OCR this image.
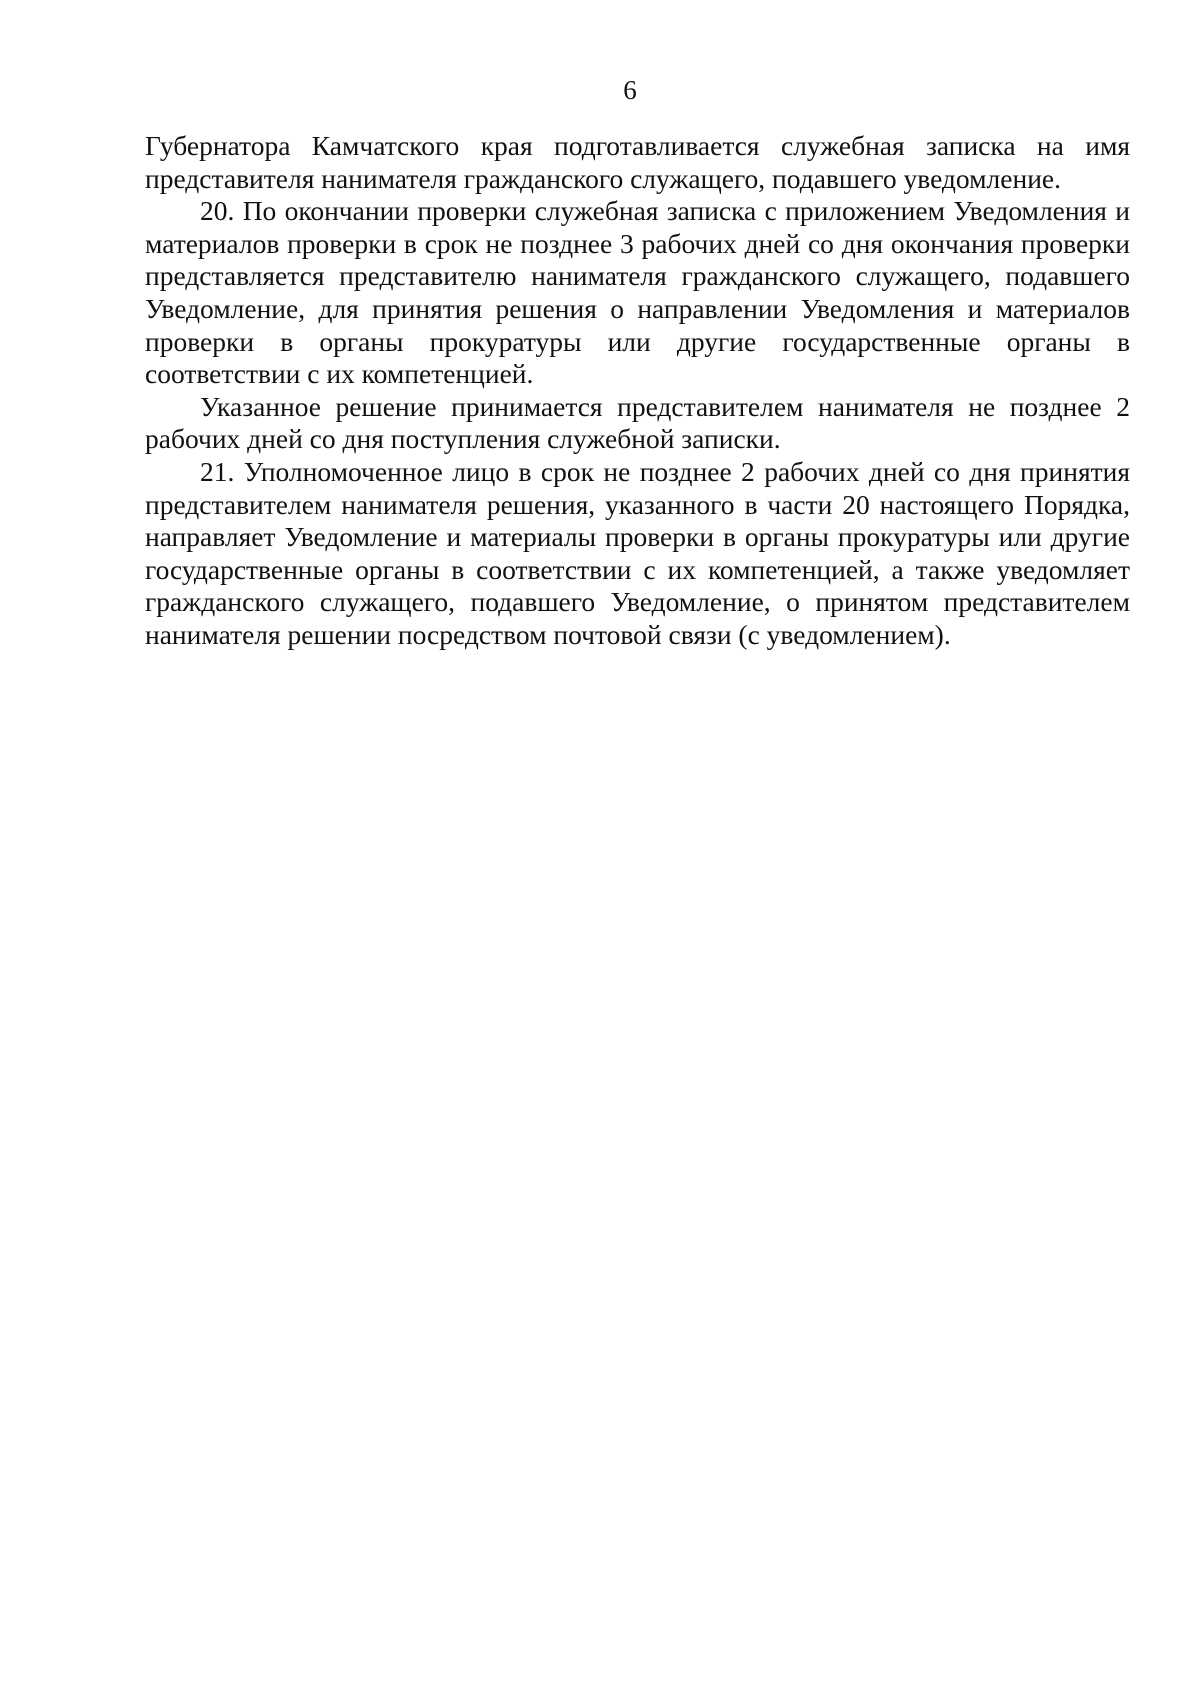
6

Губернатора Камчатского края подготавливается служебная записка на имя представителя нанимателя гражданского служащего, подавшего уведомление.

20. По окончании проверки служебная записка с приложением Уведомления и материалов проверки в срок не позднее 3 рабочих дней со дня окончания проверки представляется представителю нанимателя гражданского служащего, подавшего Уведомление, для принятия решения о направлении Уведомления и материалов проверки в органы прокуратуры или другие государственные органы в соответствии с их компетенцией.

Указанное решение принимается представителем нанимателя не позднее 2 рабочих дней со дня поступления служебной записки.

21. Уполномоченное лицо в срок не позднее 2 рабочих дней со дня принятия представителем нанимателя решения, указанного в части 20 настоящего Порядка, направляет Уведомление и материалы проверки в органы прокуратуры или другие государственные органы в соответствии с их компетенцией, а также уведомляет гражданского служащего, подавшего Уведомление, о принятом представителем нанимателя решении посредством почтовой связи (с уведомлением).
